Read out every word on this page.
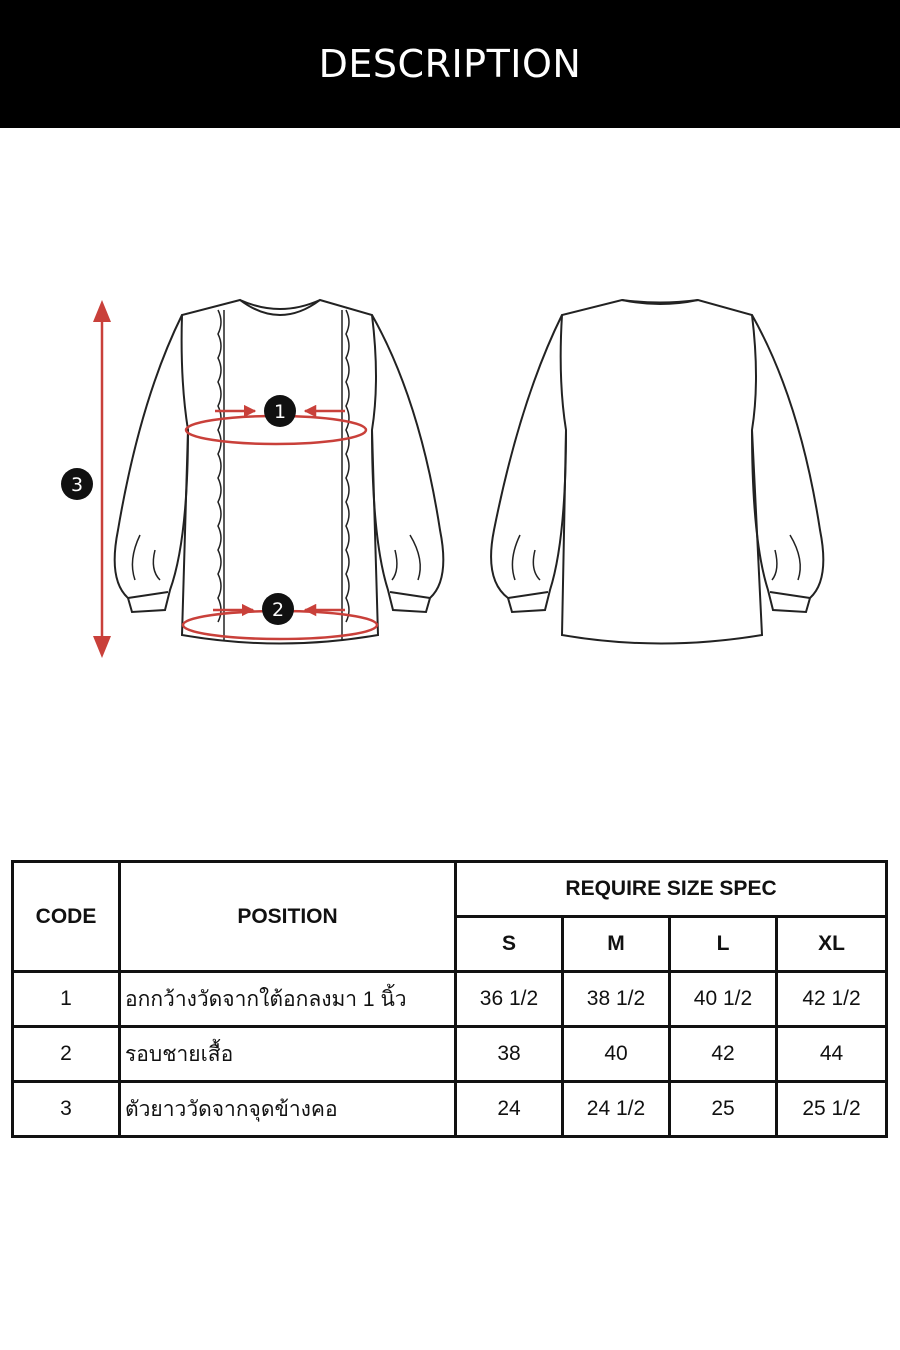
DESCRIPTION
1
2
3
CODE	POSITION	REQUIRE SIZE SPEC			
		S	M	L	XL
1	อกกว้างวัดจากใต้อกลงมา 1 นิ้ว	36 1/2	38 1/2	40 1/2	42 1/2
2	รอบชายเสื้อ	38	40	42	44
3	ตัวยาววัดจากจุดข้างคอ	24	24 1/2	25	25 1/2
